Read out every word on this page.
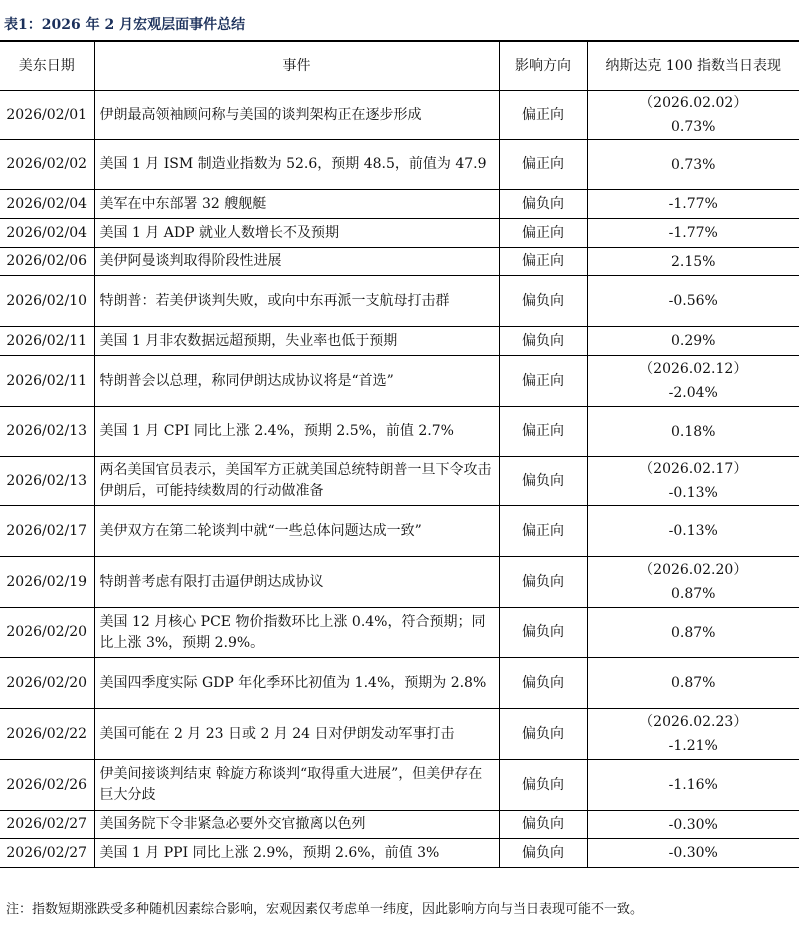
表1：2026 年 2 月宏观层面事件总结
美东日期	事件	影响方向	纳斯达克 100 指数当日表现
2026/02/01	伊朗最高领袖顾问称与美国的谈判架构正在逐步形成	偏正向	（2026.02.02）
0.73%

2026/02/02	美国 1 月 ISM 制造业指数为 52.6，预期 48.5，前值为 47.9	偏正向	0.73%
2026/02/04	美军在中东部署 32 艘舰艇	偏负向	-1.77%
2026/02/04	美国 1 月 ADP 就业人数增长不及预期	偏正向	-1.77%
2026/02/06	美伊阿曼谈判取得阶段性进展	偏正向	2.15%
2026/02/10	特朗普：若美伊谈判失败，或向中东再派一支航母打击群	偏负向	-0.56%
2026/02/11	美国 1 月非农数据远超预期，失业率也低于预期	偏负向	0.29%
2026/02/11	特朗普会以总理，称同伊朗达成协议将是“首选”	偏正向	（2026.02.12）
-2.04%

2026/02/13	美国 1 月 CPI 同比上涨 2.4%，预期 2.5%，前值 2.7%	偏正向	0.18%
2026/02/13	两名美国官员表示，美国军方正就美国总统特朗普一旦下令攻击伊朗后，可能持续数周的行动做准备	偏负向	（2026.02.17）
-0.13%

2026/02/17	美伊双方在第二轮谈判中就“一些总体问题达成一致”	偏正向	-0.13%
2026/02/19	特朗普考虑有限打击逼伊朗达成协议	偏负向	（2026.02.20）
0.87%

2026/02/20	美国 12 月核心 PCE 物价指数环比上涨 0.4%，符合预期；同比上涨 3%，预期 2.9%。	偏负向	0.87%
2026/02/20	美国四季度实际 GDP 年化季环比初值为 1.4%，预期为 2.8%	偏负向	0.87%
2026/02/22	美国可能在 2 月 23 日或 2 月 24 日对伊朗发动军事打击	偏负向	（2026.02.23）
-1.21%

2026/02/26	伊美间接谈判结束 斡旋方称谈判“取得重大进展”，但美伊存在巨大分歧	偏负向	-1.16%
2026/02/27	美国务院下令非紧急必要外交官撤离以色列	偏负向	-0.30%
2026/02/27	美国 1 月 PPI 同比上涨 2.9%，预期 2.6%，前值 3%	偏负向	-0.30%
注：指数短期涨跌受多种随机因素综合影响，宏观因素仅考虑单一纬度，因此影响方向与当日表现可能不一致。
